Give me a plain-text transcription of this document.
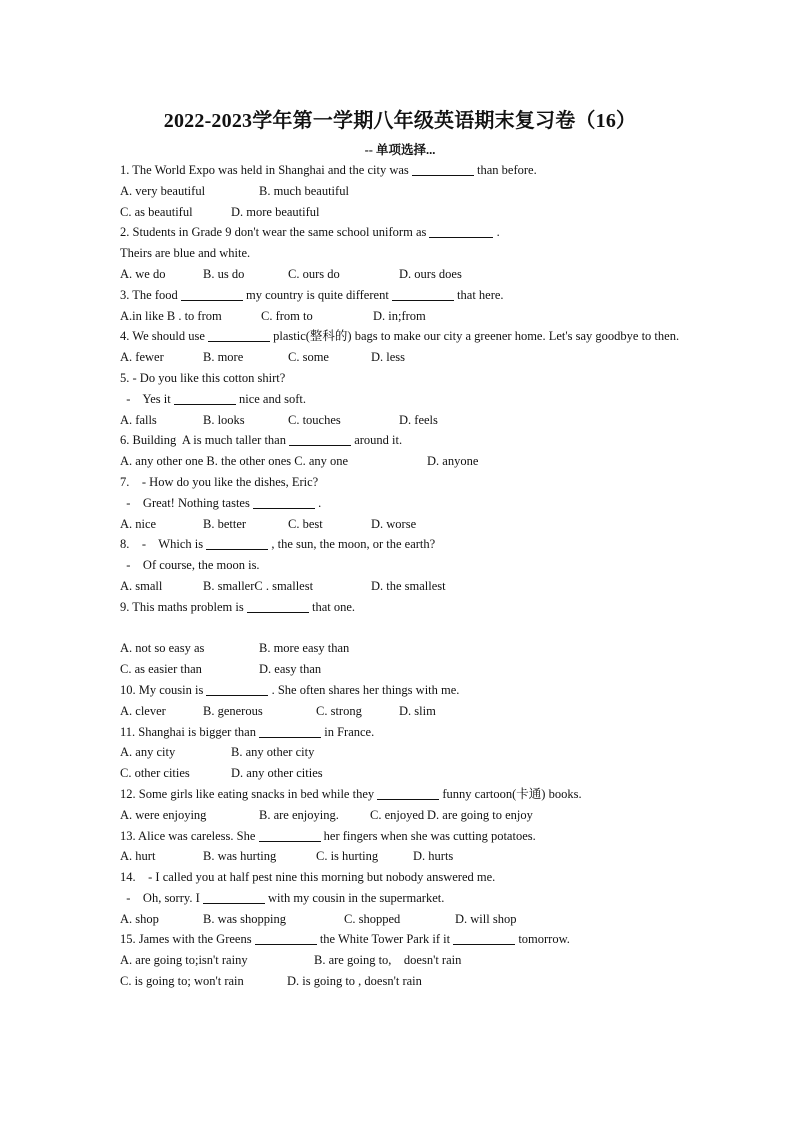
2022-2023学年第一学期八年级英语期末复习卷（16）
-- 单项选择...
1. The World Expo was held in Shanghai and the city was	than before.
A. very beautiful	B. much beautiful
C. as beautiful	D. more beautiful
2. Students in Grade 9 don't wear the same school uniform as	.
Theirs are blue and white.
A. we do	B. us do	C. ours do	D. ours does
3. The food	my country is quite different	that here.
A.in like B . to from	C. from to	D. in;from
4. We should use	plastic(整科的) bags to make our city a greener home. Let's say goodbye to then.
A. fewer	B. more	C. some	D. less
5. - Do you like this cotton shirt?
-    Yes it	nice and soft.
A. falls	B. looks	C. touches	D. feels
6. Building  A is much taller than	around it.
A. any other one B. the other ones C. any one	D. anyone
7.    - How do you like the dishes, Eric?
-    Great! Nothing tastes	.
A. nice	B. better	C. best	D. worse
8.    -    Which is	, the sun, the moon, or the earth?
-    Of course, the moon is.
A. small	B. smallerC . smallest	D. the smallest
9. This maths problem is	that one.
A. not so easy as	B. more easy than
C. as easier than	D. easy than
10. My cousin is	. She often shares her things with me.
A. clever	B. generous	C. strong	D. slim
11. Shanghai is bigger than	in France.
A. any city	B. any other city
C. other cities	D. any other cities
12. Some girls like eating snacks in bed while they	funny cartoon(卡通) books.
A. were enjoying	B. are enjoying. C. enjoyed D. are going to enjoy
13. Alice was careless. She	her fingers when she was cutting potatoes.
A. hurt	B. was hurting	C. is hurting	D. hurts
14.    - I called you at half pest nine this morning but nobody answered me.
-    Oh, sorry. I	with my cousin in the supermarket.
A. shop	B. was shopping	C. shopped	D. will shop
15. James with the Greens	the White Tower Park if it	tomorrow.
A. are going to;isn't rainy	B. are going to,    doesn't rain
C. is going to; won't rain	D. is going to , doesn't rain
